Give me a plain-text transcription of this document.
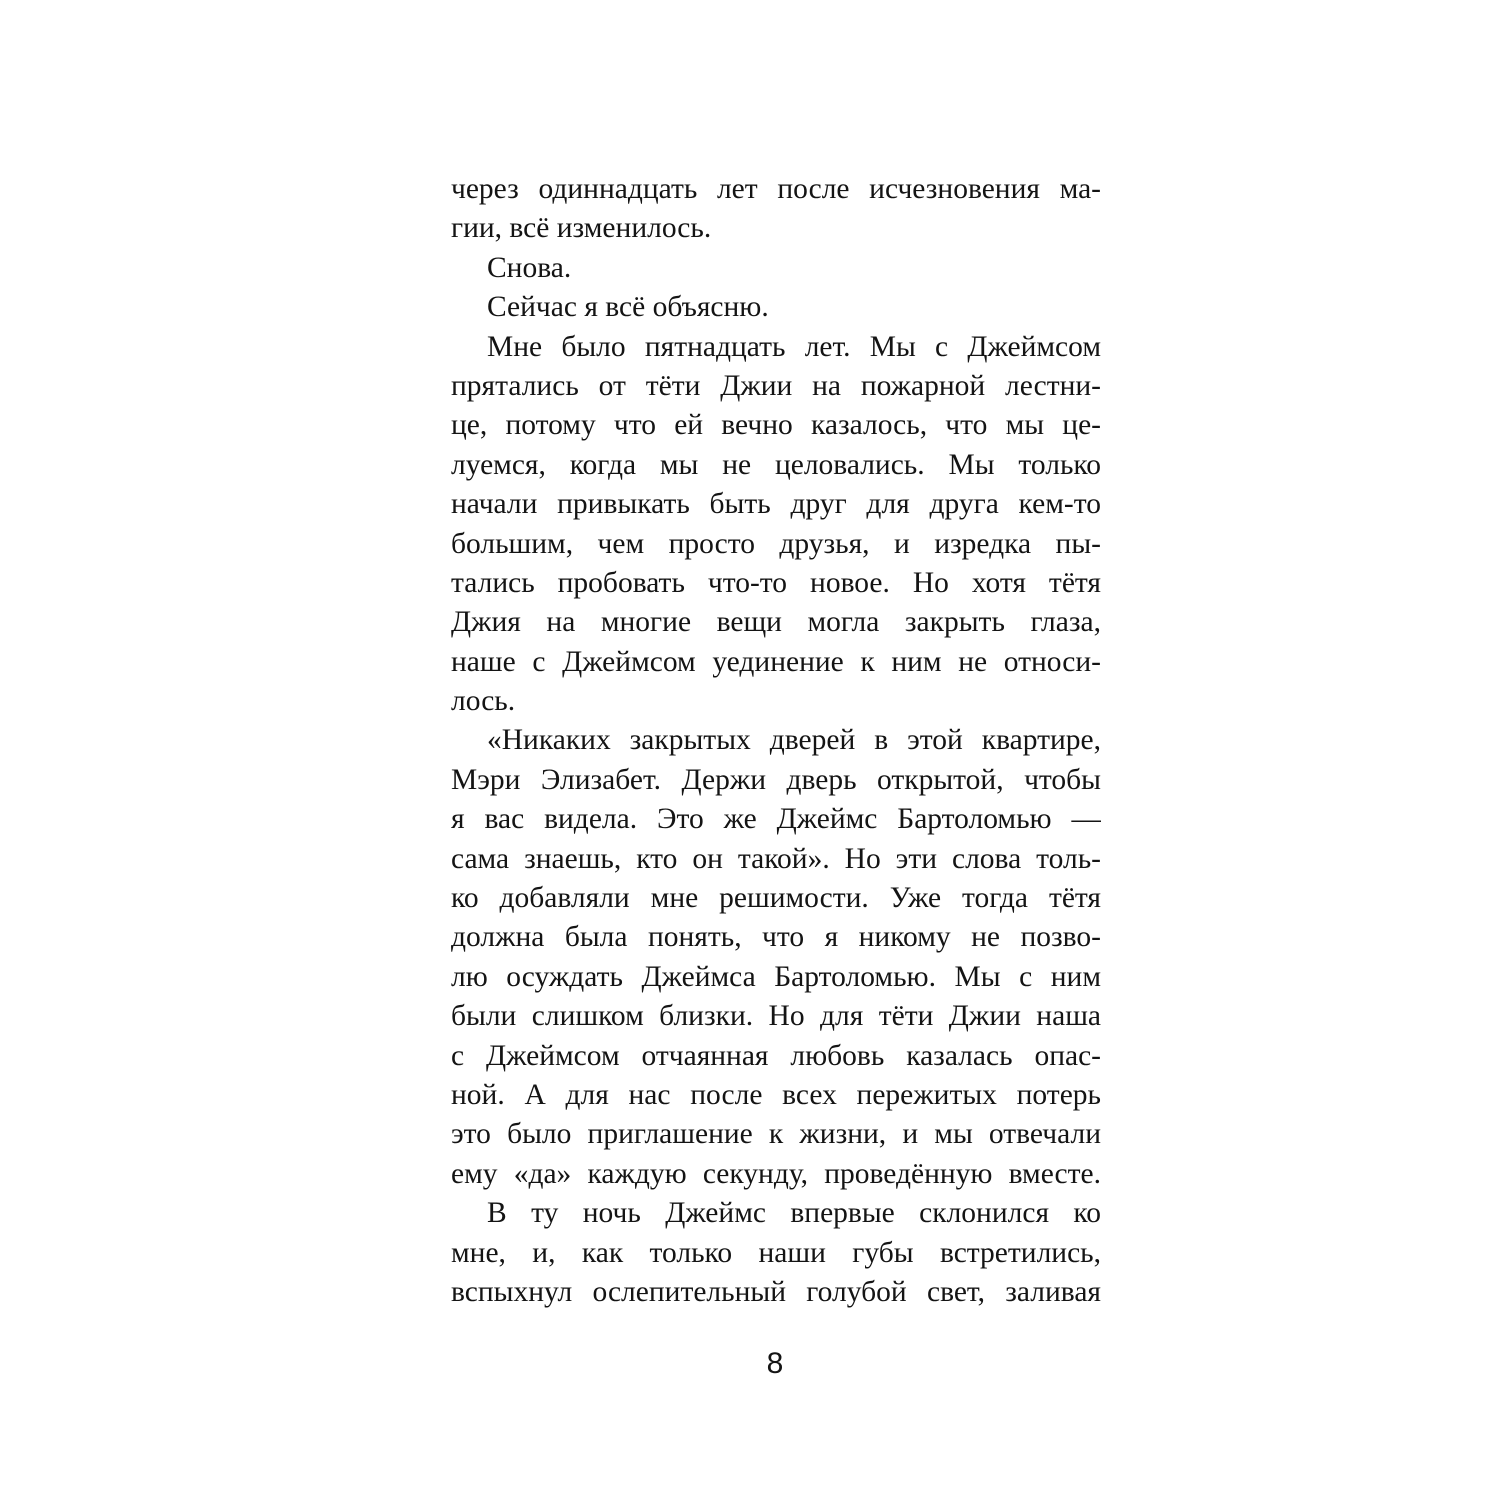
через одиннадцать лет после исчезновения ма-
гии, всё изменилось.
Снова.
Сейчас я всё объясню.
Мне было пятнадцать лет. Мы с Джеймсом
прятались от тёти Джии на пожарной лестни-
це, потому что ей вечно казалось, что мы це-
луемся, когда мы не целовались. Мы только
начали привыкать быть друг для друга кем-то
большим, чем просто друзья, и изредка пы-
тались пробовать что-то новое. Но хотя тётя
Джия на многие вещи могла закрыть глаза,
наше с Джеймсом уединение к ним не относи-
лось.
«Никаких закрытых дверей в этой квартире,
Мэри Элизабет. Держи дверь открытой, чтобы
я вас видела. Это же Джеймс Бартоломью —
сама знаешь, кто он такой». Но эти слова толь-
ко добавляли мне решимости. Уже тогда тётя
должна была понять, что я никому не позво-
лю осуждать Джеймса Бартоломью. Мы с ним
были слишком близки. Но для тёти Джии наша
с Джеймсом отчаянная любовь казалась опас-
ной. А для нас после всех пережитых потерь
это было приглашение к жизни, и мы отвечали
ему «да» каждую секунду, проведённую вместе.
В ту ночь Джеймс впервые склонился ко
мне, и, как только наши губы встретились,
вспыхнул ослепительный голубой свет, заливая
8
